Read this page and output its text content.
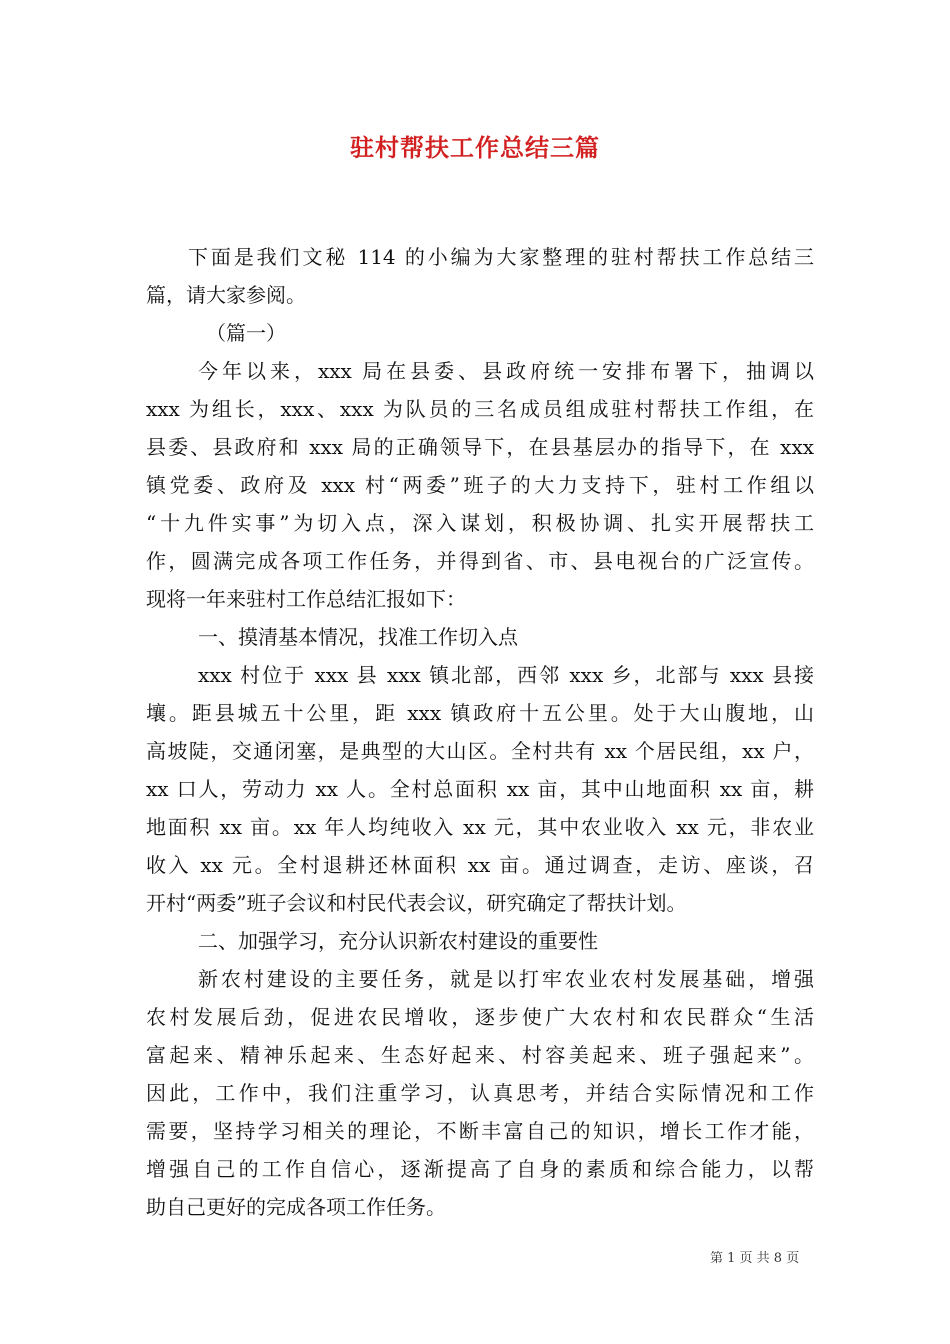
驻村帮扶工作总结三篇

下面是我们文秘 114 的小编为大家整理的驻村帮扶工作总结三

篇，请大家参阅。

（篇一）

今年以来，xxx 局在县委、县政府统一安排布署下，抽调以

xxx 为组长，xxx、xxx 为队员的三名成员组成驻村帮扶工作组，在

县委、县政府和 xxx 局的正确领导下，在县基层办的指导下，在 xxx

镇党委、政府及 xxx 村“两委”班子的大力支持下，驻村工作组以

“十九件实事”为切入点，深入谋划，积极协调、扎实开展帮扶工

作，圆满完成各项工作任务，并得到省、市、县电视台的广泛宣传。

现将一年来驻村工作总结汇报如下：

一、摸清基本情况，找准工作切入点

xxx 村位于 xxx 县 xxx 镇北部，西邻 xxx 乡，北部与 xxx 县接

壤。距县城五十公里，距 xxx 镇政府十五公里。处于大山腹地，山

高坡陡，交通闭塞，是典型的大山区。全村共有 xx 个居民组，xx 户，

xx 口人，劳动力 xx 人。全村总面积 xx 亩，其中山地面积 xx 亩，耕

地面积 xx 亩。xx 年人均纯收入 xx 元，其中农业收入 xx 元，非农业

收入 xx 元。全村退耕还林面积 xx 亩。通过调查，走访、座谈，召

开村“两委”班子会议和村民代表会议，研究确定了帮扶计划。

二、加强学习，充分认识新农村建设的重要性

新农村建设的主要任务，就是以打牢农业农村发展基础，增强

农村发展后劲，促进农民增收，逐步使广大农村和农民群众“生活

富起来、精神乐起来、生态好起来、村容美起来、班子强起来”。

因此，工作中，我们注重学习，认真思考，并结合实际情况和工作

需要，坚持学习相关的理论，不断丰富自己的知识，增长工作才能，

增强自己的工作自信心，逐渐提高了自身的素质和综合能力，以帮

助自己更好的完成各项工作任务。

第 1 页 共 8 页
